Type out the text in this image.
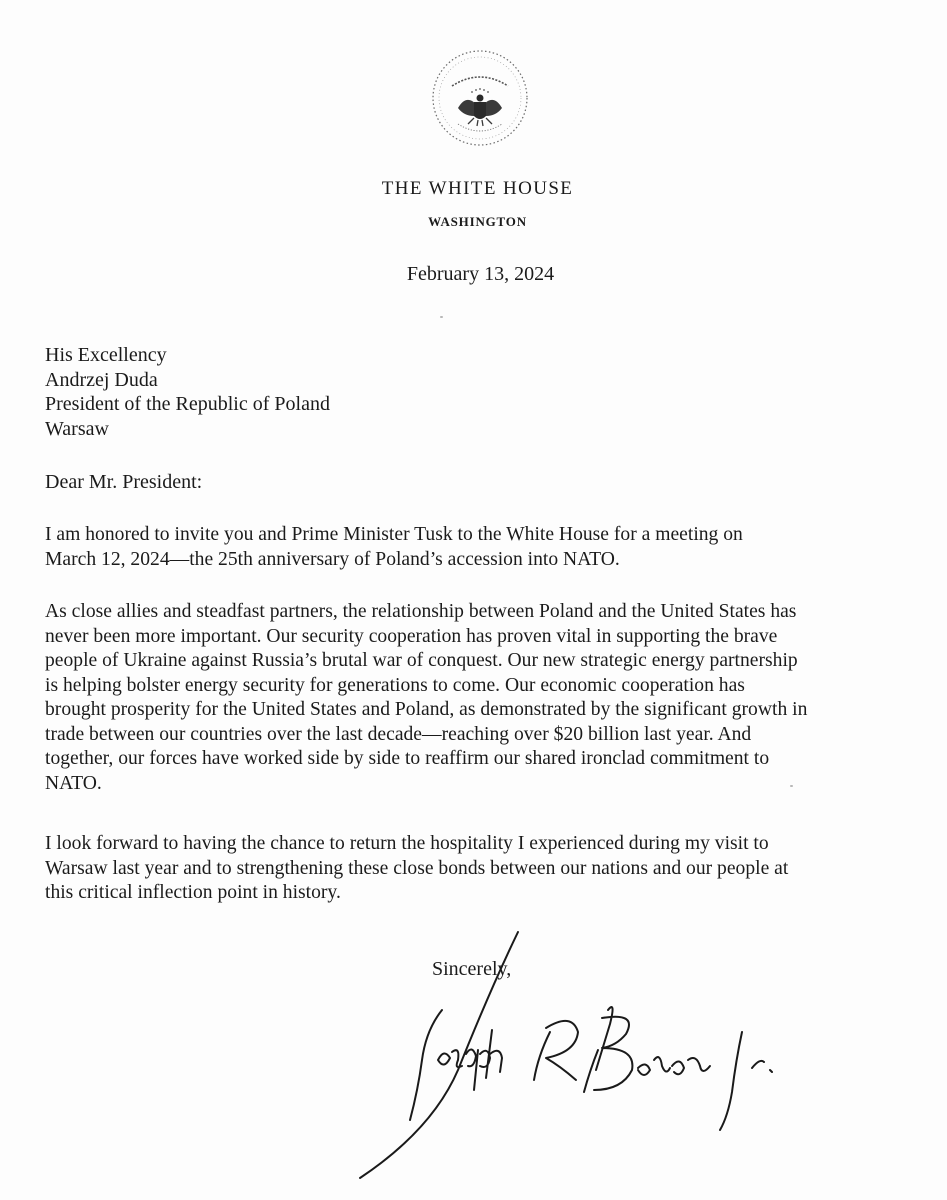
THE WHITE HOUSE
WASHINGTON
February 13, 2024
His Excellency
Andrzej Duda
President of the Republic of Poland
Warsaw
Dear Mr. President:
I am honored to invite you and Prime Minister Tusk to the White House for a meeting on
March 12, 2024—the 25th anniversary of Poland’s accession into NATO.
As close allies and steadfast partners, the relationship between Poland and the United States has
never been more important. Our security cooperation has proven vital in supporting the brave
people of Ukraine against Russia’s brutal war of conquest. Our new strategic energy partnership
is helping bolster energy security for generations to come. Our economic cooperation has
brought prosperity for the United States and Poland, as demonstrated by the significant growth in
trade between our countries over the last decade—reaching over $20 billion last year. And
together, our forces have worked side by side to reaffirm our shared ironclad commitment to
NATO.
I look forward to having the chance to return the hospitality I experienced during my visit to
Warsaw last year and to strengthening these close bonds between our nations and our people at
this critical inflection point in history.
Sincerely,
